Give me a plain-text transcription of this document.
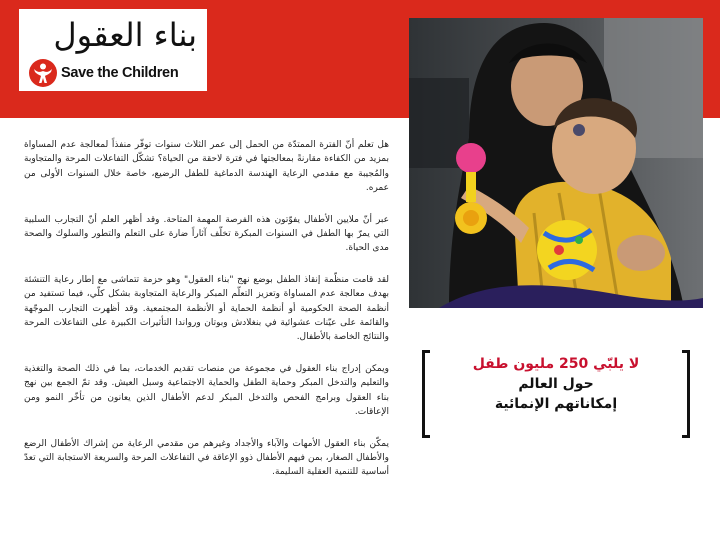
بناء العقول
Save the Children

هل تعلم أنّ الفترة الممتدّة من الحمل إلى عمر الثلاث سنوات توفّر منفذاً لمعالجة عدم المساواة بمزيد من الكفاءة مقارنةً بمعالجتها في فترة لاحقة من الحياة؟ تشكّل التفاعلات المرحة والمتجاوبة والمُجيبة مع مقدمي الرعاية الهندسة الدماغية للطفل الرضيع، خاصة خلال السنوات الأولى من عمره.

عبر أنّ ملايين الأطفال يفوّتون هذه الفرصة المهمة المتاحة. وقد أظهر العلم أنّ التجارب السلبية التي يمرّ بها الطفل في السنوات المبكرة تخلّف آثاراً ضارة على التعلم والتطور والسلوك والصحة مدى الحياة.

لقد قامت منظّمة إنقاذ الطفل بوضع نهج "بناء العقول" وهو حزمة تتماشى مع إطار رعاية التنشئة بهدف معالجة عدم المساواة وتعزيز التعلّم المبكر والرعاية المتجاوبة بشكل كلّي، فيما تستفيد من أنظمة الصحة الحكومية أو أنظمة الحماية أو الأنظمة المجتمعية. وقد أظهرت التجارب الموجّهة والقائمة على عيّنات عشوائية في بنغلادش وبوتان ورواندا التأثيرات الكبيرة على التفاعلات المرحة والنتائج الخاصة بالأطفال.

ويمكن إدراج بناء العقول في مجموعة من منصات تقديم الخدمات، بما في ذلك الصحة والتغذية والتعليم والتدخل المبكر وحماية الطفل والحماية الاجتماعية وسبل العيش. وقد تمّ الجمع بين نهج بناء العقول وبرامج الفحص والتدخل المبكر لدعم الأطفال الذين يعانون من تأخّر النمو ومن الإعاقات.

يمكّن بناء العقول الأمهات والآباء والأجداد وغيرهم من مقدمي الرعاية من إشراك الأطفال الرضع والأطفال الصغار، بمن فيهم الأطفال ذوو الإعاقة في التفاعلات المرحة والسريعة الاستجابة التي تعدّ أساسية للتنمية العقلية السليمة.

لا يلبّي 250 مليون طفل
حول العالم
إمكاناتهم الإنمائية
